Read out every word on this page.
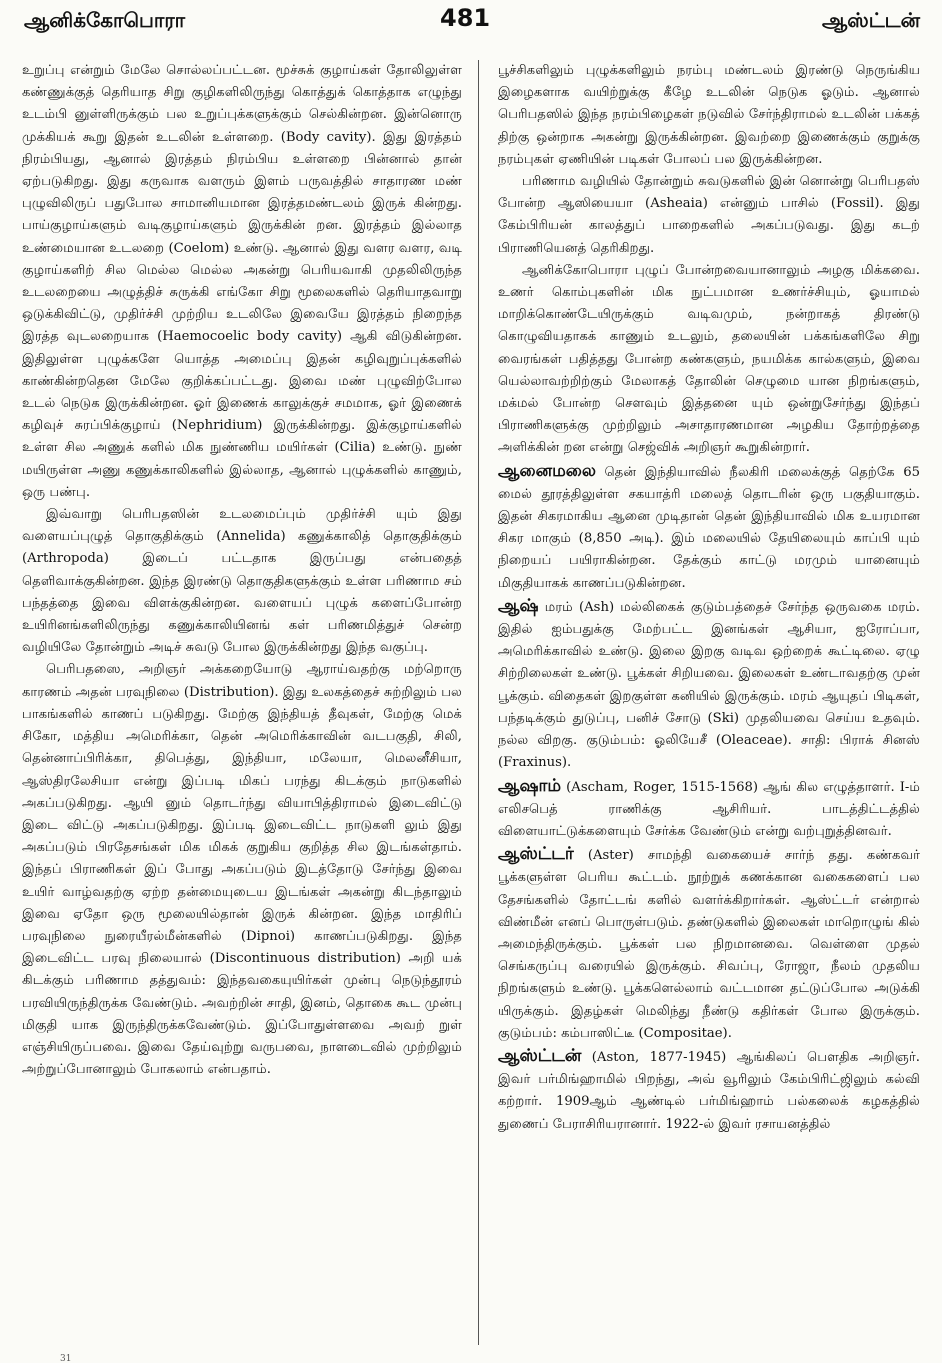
ஆனிக்கோபொரா	481	ஆஸ்ட்டன்

உறுப்பு என்றும் மேலே சொல்லப்பட்டன. மூச்சுக் குழாய்கள் தோலிலுள்ள கண்ணுக்குத் தெரியாத சிறு குழிகளிலிருந்து கொத்துக் கொத்தாக எழுந்து உடம்பி னுள்ளிருக்கும் பல உறுப்புக்களுக்கும் செல்கின்றன. இன்னொரு முக்கியக் கூறு இதன் உடலின் உள்ளறை. (Body cavity). இது இரத்தம் நிரம்பியது, ஆனால் இரத்தம் நிரம்பிய உள்ளறை பின்னால் தான் ஏற்படுகிறது. இது கருவாக வளரும் இளம் பருவத்தில் சாதாரண மண் புழுவிலிருப் பதுபோல சாமானியமான இரத்தமண்டலம் இருக் கின்றது. பாய்குழாய்களும் வடிகுழாய்களும் இருக்கின் றன. இரத்தம் இல்லாத உண்மையான உடலறை (Coelom) உண்டு. ஆனால் இது வளர வளர, வடி குழாய்களிற் சில மெல்ல மெல்ல அகன்று பெரியவாகி முதலிலிருந்த உடலறையை அழுத்திச் சுருக்கி எங்கோ சிறு மூலைகளில் தெரியாதவாறு ஒடுக்கிவிட்டு, முதிர்ச்சி முற்றிய உடலிலே இவையே இரத்தம் நிறைந்த இரத்த வுடலறையாக (Haemocoelic body cavity) ஆகி விடுகின்றன. இதிலுள்ள புழுக்களே யொத்த அமைப்பு இதன் கழிவுறுப்புக்களில் காண்கின்றதென மேலே குறிக்கப்பட்டது. இவை மண் புழுவிற்போல உடல் நெடுக இருக்கின்றன. ஓர் இணைக் காலுக்குச் சமமாக, ஓர் இணைக் கழிவுச் சுரப்பிக்குழாய் (Nephridium) இருக்கின்றது. இக்குழாய்களில் உள்ள சில அணுக் களில் மிக நுண்ணிய மயிர்கள் (Cilia) உண்டு. நுண் மயிருள்ள அணு கணுக்காலிகளில் இல்லாத, ஆனால் புழுக்களில் காணும், ஒரு பண்பு.

இவ்வாறு பெரிபதஸின் உடலமைப்பும் முதிர்ச்சி யும் இது வளையப்புழுத் தொகுதிக்கும் (Annelida) கணுக்காலித் தொகுதிக்கும் (Arthropoda) இடைப் பட்டதாக இருப்பது என்பதைத் தெளிவாக்குகின்றன. இந்த இரண்டு தொகுதிகளுக்கும் உள்ள பரிணாம சம் பந்தத்தை இவை விளக்குகின்றன. வளையப் புழுக் களைப்போன்ற உயிரினங்களிலிருந்து கணுக்காலியினங் கள் பரிணமித்துச் சென்ற வழியிலே தோன்றும் அடிச் சுவடு போல இருக்கின்றது இந்த வகுப்பு.

பெரிபதஸை, அறிஞர் அக்கறையோடு ஆராய்வதற்கு மற்றொரு காரணம் அதன் பரவுநிலை (Distribution). இது உலகத்தைச் சுற்றிலும் பல பாகங்களில் காணப் படுகிறது. மேற்கு இந்தியத் தீவுகள், மேற்கு மெக் சிகோ, மத்திய அமெரிக்கா, தென் அமெரிக்காவின் வடபகுதி, சிலி, தென்னாப்பிரிக்கா, திபெத்து, இந்தியா, மலேயா, மெலனீசியா, ஆஸ்திரலேசியா என்று இப்படி மிகப் பரந்து கிடக்கும் நாடுகளில் அகப்படுகிறது. ஆயி னும் தொடர்ந்து வியாபித்திராமல் இடைவிட்டு இடை விட்டு அகப்படுகிறது. இப்படி இடைவிட்ட நாடுகளி லும் இது அகப்படும் பிரதேசங்கள் மிக மிகக் குறுகிய குறித்த சில இடங்கள்தாம். இந்தப் பிராணிகள் இப் போது அகப்படும் இடத்தோடு சேர்ந்து இவை உயிர் வாழ்வதற்கு ஏற்ற தன்மையுடைய இடங்கள் அகன்று கிடந்தாலும் இவை ஏதோ ஒரு மூலையில்தான் இருக் கின்றன. இந்த மாதிரிப் பரவுநிலை நுரையீரல்மீன்களில் (Dipnoi) காணப்படுகிறது. இந்த இடைவிட்ட பரவு நிலையால் (Discontinuous distribution) அறி யக் கிடக்கும் பரிணாம தத்துவம்: இந்தவகையுயிர்கள் முன்பு நெடுந்தூரம் பரவியிருந்திருக்க வேண்டும். அவற்றின் சாதி, இனம், தொகை கூட முன்பு மிகுதி யாக இருந்திருக்கவேண்டும். இப்போதுள்ளவை அவற் றுள் எஞ்சியிருப்பவை. இவை தேய்வுற்று வருபவை, நாளடைவில் முற்றிலும் அற்றுப்போனாலும் போகலாம் என்பதாம்.

பூச்சிகளிலும் புழுக்களிலும் நரம்பு மண்டலம் இரண்டு நெருங்கிய இழைகளாக வயிற்றுக்கு கீழே உடலின் நெடுக ஓடும். ஆனால் பெரிபதஸில் இந்த நரம்பிழைகள் நடுவில் சேர்ந்திராமல் உடலின் பக்கத் திற்கு ஒன்றாக அகன்று இருக்கின்றன. இவற்றை இணைக்கும் குறுக்கு நரம்புகள் ஏணியின் படிகள் போலப் பல இருக்கின்றன.

பரிணாம வழியில் தோன்றும் சுவடுகளில் இன் னொன்று பெரிபதஸ் போன்ற ஆஸியையா (Asheaia) என்னும் பாசில் (Fossil). இது கேம்பிரியன் காலத்துப் பாறைகளில் அகப்படுவது. இது கடற் பிராணியெனத் தெரிகிறது.

ஆனிக்கோபொரா புழுப் போன்றவையானாலும் அழகு மிக்கவை. உணர் கொம்புகளின் மிக நுட்பமான உணர்ச்சியும், ஓயாமல் மாறிக்கொண்டேயிருக்கும் வடிவமும், நன்றாகத் திரண்டு கொழுவியதாகக் காணும் உடலும், தலையின் பக்கங்களிலே சிறு வைரங்கள் பதித்தது போன்ற கண்களும், நயமிக்க கால்களும், இவை யெல்லாவற்றிற்கும் மேலாகத் தோலின் செழுமை யான நிறங்களும், மக்மல் போன்ற செளவும் இத்தனை யும் ஒன்றுசேர்ந்து இந்தப் பிராணிகளுக்கு முற்றிலும் அசாதாரணமான அழகிய தோற்றத்தை அளிக்கின் றன என்று செஜ்விக் அறிஞர் கூறுகின்றார்.

ஆனைமலை தென் இந்தியாவில் நீலகிரி மலைக்குத் தெற்கே 65 மைல் தூரத்திலுள்ள சகயாத்ரி மலைத் தொடரின் ஒரு பகுதியாகும். இதன் சிகரமாகிய ஆனை முடிதான் தென் இந்தியாவில் மிக உயரமான சிகர மாகும் (8,850 அடி). இம் மலையில் தேயிலையும் காப்பி யும் நிறையப் பயிராகின்றன. தேக்கும் காட்டு மரமும் யானையும் மிகுதியாகக் காணப்படுகின்றன.

ஆஷ் மரம் (Ash) மல்லிகைக் குடும்பத்தைச் சேர்ந்த ஒருவகை மரம். இதில் ஐம்பதுக்கு மேற்பட்ட இனங்கள் ஆசியா, ஐரோப்பா, அமெரிக்காவில் உண்டு. இலை இறகு வடிவ ஒற்றைக் கூட்டிலை. ஏழு சிற்றிலைகள் உண்டு. பூக்கள் சிறியவை. இலைகள் உண்டாவதற்கு முன் பூக்கும். விதைகள் இறகுள்ள கனியில் இருக்கும். மரம் ஆயுதப் பிடிகள், பந்தடிக்கும் துடுப்பு, பனிச் சோடு (Ski) முதலியவை செய்ய உதவும். நல்ல விறகு. குடும்பம்: ஓலியேசீ (Oleaceae). சாதி: பிராக் சினஸ் (Fraxinus).

ஆஷாம் (Ascham, Roger, 1515-1568) ஆங் கில எழுத்தாளர். I-ம் எலிசபெத் ராணிக்கு ஆசிரியர். பாடத்திட்டத்தில் விளையாட்டுக்களையும் சேர்க்க வேண்டும் என்று வற்புறுத்தினவர்.

ஆஸ்ட்டர் (Aster) சாமந்தி வகையைச் சார்ந் தது. கண்கவர் பூக்களுள்ள பெரிய கூட்டம். நூற்றுக் கணக்கான வகைகளைப் பல தேசங்களில் தோட்டங் களில் வளர்க்கிறார்கள். ஆஸ்ட்டர் என்றால் விண்மீன் எனப் பொருள்படும். தண்டுகளில் இலைகள் மாறொழுங் கில் அமைந்திருக்கும். பூக்கள் பல நிறமானவை. வெள்ளை முதல் செங்கருப்பு வரையில் இருக்கும். சிவப்பு, ரோஜா, நீலம் முதலிய நிறங்களும் உண்டு. பூக்களெல்லாம் வட்டமான தட்டுப்போல அடுக்கி யிருக்கும். இதழ்கள் மெலிந்து நீண்டு கதிர்கள் போல இருக்கும். குடும்பம்: கம்பாஸிட்டீ (Compositae).

ஆஸ்ட்டன் (Aston, 1877-1945) ஆங்கிலப் பௌதிக அறிஞர். இவர் பர்மிங்ஹாமில் பிறந்து, அவ் வூரிலும் கேம்பிரிட்ஜிலும் கல்வி கற்றார். 1909ஆம் ஆண்டில் பர்மிங்ஹாம் பல்கலைக் கழகத்தில் துணைப் பேராசிரியரானார். 1922-ல் இவர் ரசாயனத்தில்

31
